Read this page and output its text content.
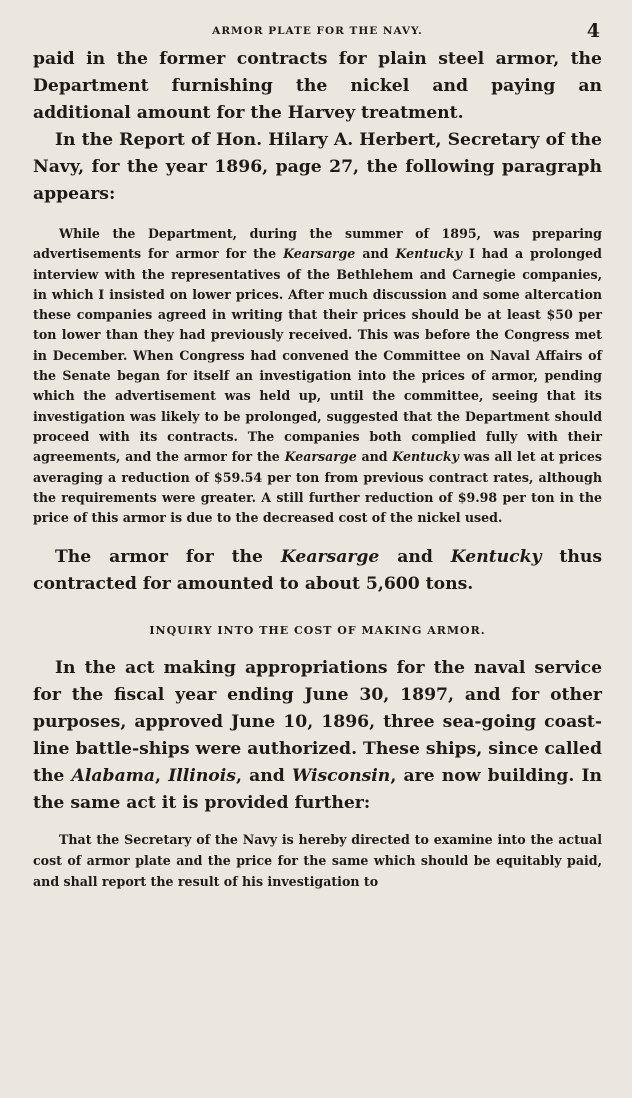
ARMOR PLATE FOR THE NAVY.	4

paid in the former contracts for plain steel armor, the Department furnishing the nickel and paying an additional amount for the Harvey treatment.

In the Report of Hon. Hilary A. Herbert, Secretary of the Navy, for the year 1896, page 27, the following paragraph appears:

While the Department, during the summer of 1895, was preparing advertisements for armor for the Kearsarge and Kentucky I had a prolonged interview with the representatives of the Bethlehem and Carnegie companies, in which I insisted on lower prices. After much discussion and some altercation these companies agreed in writing that their prices should be at least $50 per ton lower than they had previously received. This was before the Congress met in December. When Congress had convened the Committee on Naval Affairs of the Senate began for itself an investigation into the prices of armor, pending which the advertisement was held up, until the committee, seeing that its investigation was likely to be prolonged, suggested that the Department should proceed with its contracts. The companies both complied fully with their agreements, and the armor for the Kearsarge and Kentucky was all let at prices averaging a reduction of $59.54 per ton from previous contract rates, although the requirements were greater. A still further reduction of $9.98 per ton in the price of this armor is due to the decreased cost of the nickel used.

The armor for the Kearsarge and Kentucky thus contracted for amounted to about 5,600 tons.

INQUIRY INTO THE COST OF MAKING ARMOR.

In the act making appropriations for the naval service for the fiscal year ending June 30, 1897, and for other purposes, approved June 10, 1896, three sea-going coast-line battle-ships were authorized. These ships, since called the Alabama, Illinois, and Wisconsin, are now building. In the same act it is provided further:

That the Secretary of the Navy is hereby directed to examine into the actual cost of armor plate and the price for the same which should be equitably paid, and shall report the result of his investigation to
